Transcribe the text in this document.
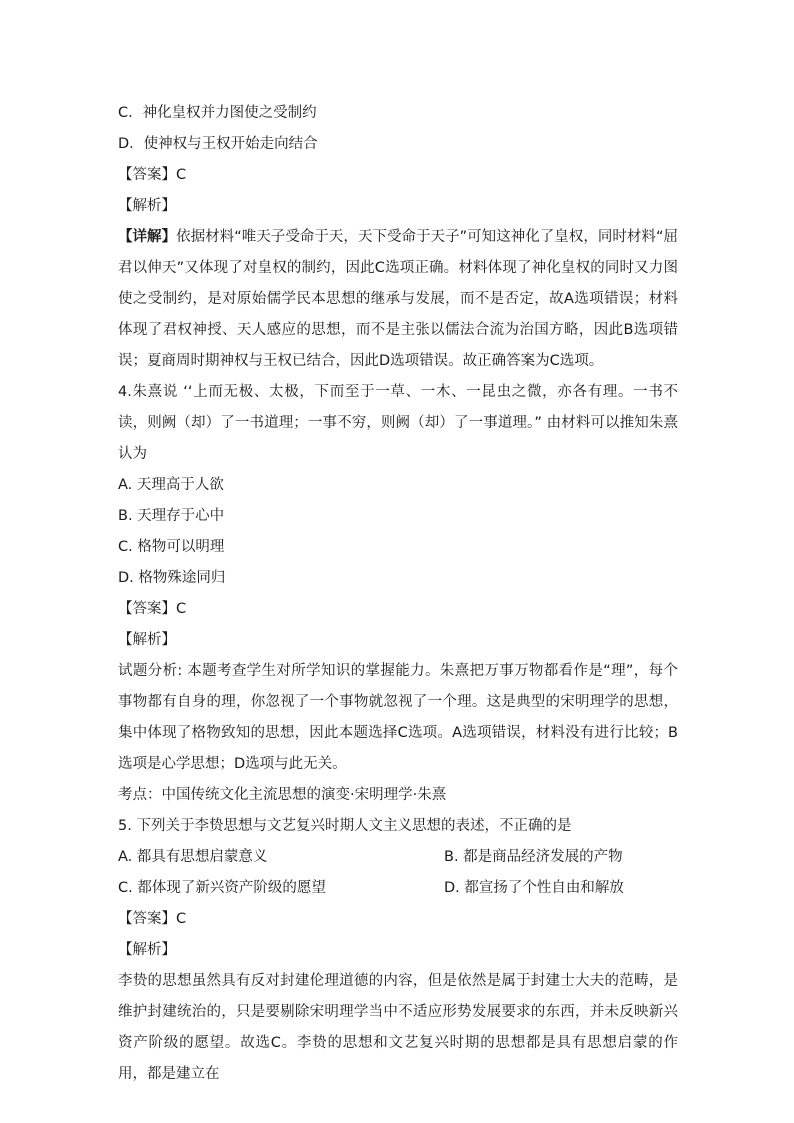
C．神化皇权并力图使之受制约
D．使神权与王权开始走向结合
【答案】C
【解析】
【详解】依据材料“唯天子受命于天，天下受命于天子”可知这神化了皇权，同时材料“屈君以伸天”又体现了对皇权的制约，因此C选项正确。材料体现了神化皇权的同时又力图使之受制约，是对原始儒学民本思想的继承与发展，而不是否定，故A选项错误；材料体现了君权神授、天人感应的思想，而不是主张以儒法合流为治国方略，因此B选项错误；夏商周时期神权与王权已结合，因此D选项错误。故正确答案为C选项。
4.朱熹说 ‘‘上而无极、太极，下而至于一草、一木、一昆虫之微，亦各有理。一书不读，则阙（却）了一书道理；一事不穷，则阙（却）了一事道理。” 由材料可以推知朱熹认为
A. 天理高于人欲
B. 天理存于心中
C. 格物可以明理
D. 格物殊途同归
【答案】C
【解析】
试题分析: 本题考查学生对所学知识的掌握能力。朱熹把万事万物都看作是“理”，每个事物都有自身的理，你忽视了一个事物就忽视了一个理。这是典型的宋明理学的思想，集中体现了格物致知的思想，因此本题选择C选项。A选项错误，材料没有进行比较；B选项是心学思想；D选项与此无关。
考点：中国传统文化主流思想的演变·宋明理学·朱熹
5. 下列关于李贽思想与文艺复兴时期人文主义思想的表述，不正确的是
A. 都具有思想启蒙意义	B. 都是商品经济发展的产物
C. 都体现了新兴资产阶级的愿望	D. 都宣扬了个性自由和解放
【答案】C
【解析】
李贽的思想虽然具有反对封建伦理道德的内容，但是依然是属于封建士大夫的范畴，是维护封建统治的，只是要剔除宋明理学当中不适应形势发展要求的东西，并未反映新兴资产阶级的愿望。故选C。李贽的思想和文艺复兴时期的思想都是具有思想启蒙的作用，都是建立在
